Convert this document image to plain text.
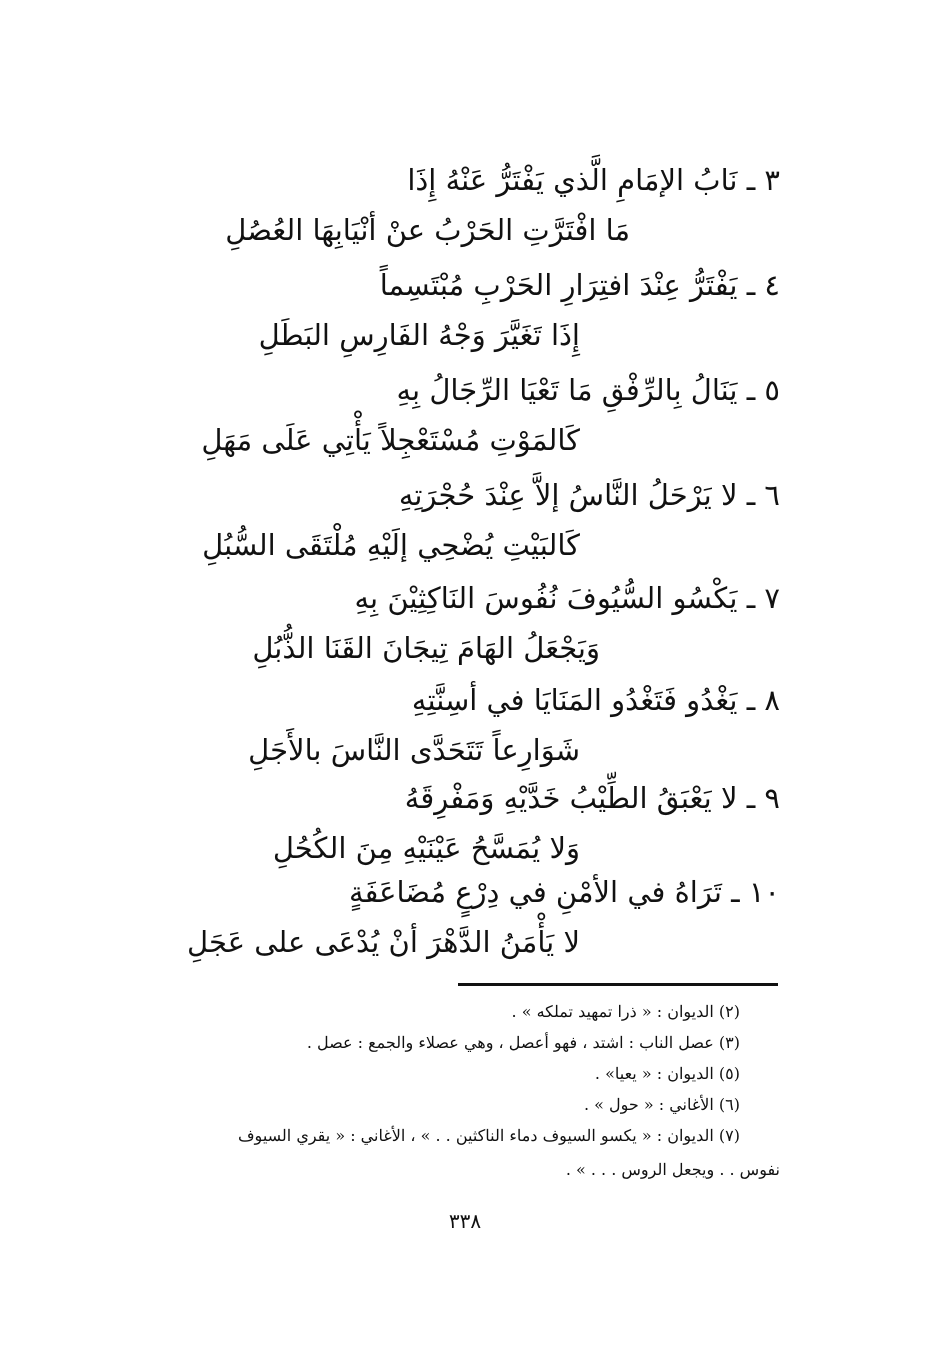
٣ ـ نَابُ الإمَامِ الَّذي يَفْتَرُّ عَنْهُ إِذَا
مَا افْتَرَّتِ الحَرْبُ عنْ أنْيَابِهَا العُصُلِ
٤ ـ يَفْتَرُّ عِنْدَ افتِرَارِ الحَرْبِ مُبْتَسِماً
إِذَا تَغَيَّرَ وَجْهُ الفَارِسِ البَطَلِ
٥ ـ يَنَالُ بِالرِّفْقِ مَا تَعْيَا الرِّجَالُ بِهِ
كَالمَوْتِ مُسْتَعْجِلاً يَأْتِي عَلَى مَهَلِ
٦ ـ لا يَرْحَلُ النَّاسُ إلاَّ عِنْدَ حُجْرَتِهِ
كَالبَيْتِ يُضْحِي إلَيْهِ مُلْتَقَى السُّبُلِ
٧ ـ يَكْسُو السُّيُوفَ نُفُوسَ النَاكِثِيْنَ بِهِ
وَيَجْعَلُ الهَامَ تِيجَانَ القَنَا الذُّبُلِ
٨ ـ يَغْدُو فَتَغْدُو المَنَايَا في أسِنَّتِهِ
شَوَارِعاً تَتَحَدَّى النَّاسَ بالأَجَلِ
٩ ـ لا يَعْبَقُ الطِّيْبُ خَدَّيْهِ وَمَفْرِقَهُ
وَلا يُمَسَّحُ عَيْنَيْهِ مِنَ الكُحُلِ
١٠ ـ تَرَاهُ في الأمْنِ في دِرْعٍ مُضَاعَفَةٍ
لا يَأْمَنُ الدَّهْرَ أنْ يُدْعَى على عَجَلِ
(٢) الديوان : « ذرا تمهيد تملكه » .
(٣) عصل الناب : اشتد ، فهو أعصل ، وهي عصلاء والجمع : عصل .
(٥) الديوان : « يعيا» .
(٦) الأغاني : « حول » .
(٧) الديوان : « يكسو السيوف دماء الناكثين . . » ، الأغاني : « يقري السيوف
نفوس . . ويجعل الروس . . . » .
٣٣٨
